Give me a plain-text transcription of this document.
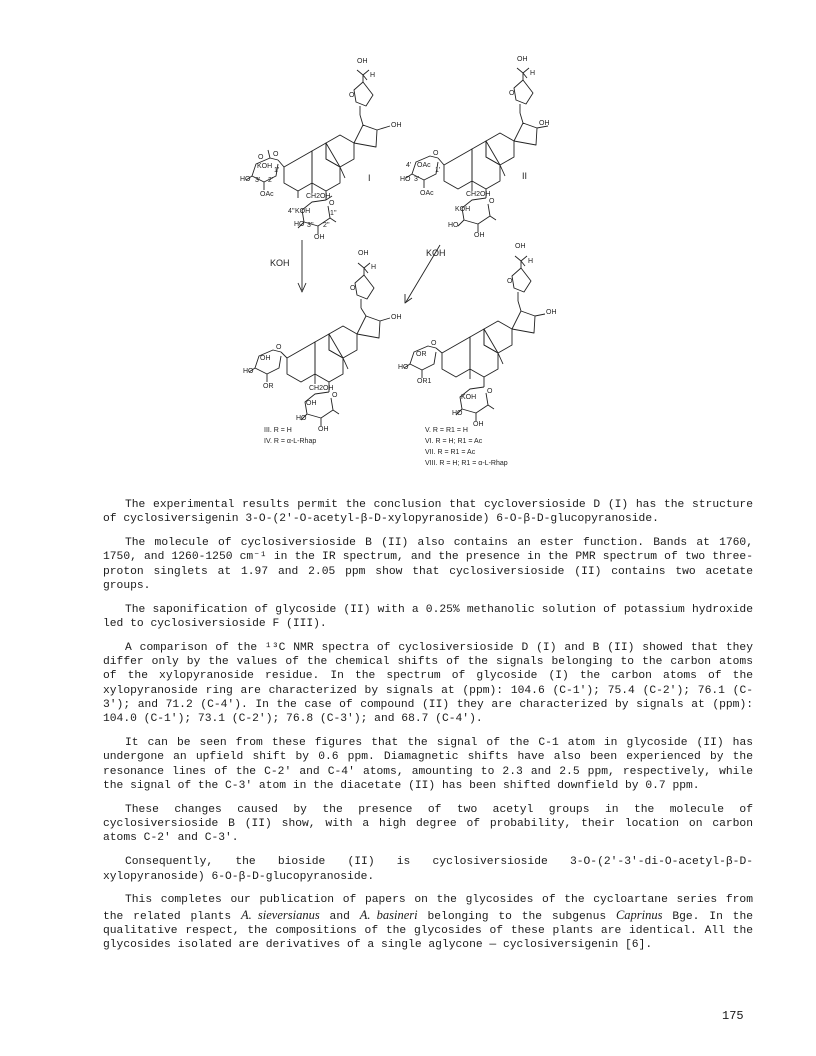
OH
H
O
OH
O
O
KOH
1'
HO 3' 2'
OAc	CH2OH
O
4'' KOH	1''
HO 3'' 2''
OH
I
OH
H
O
OH
O
4' OAc
1'
HO 3'
OAc	CH2OH
O
KOH
HO
OH
II
KOH
KOH
OH
H
O
OH
O
OH
HO
OR	CH2OH
O
OH
HO
OH
OH
H
O
OH
O
OR
HO
OR1
O
KOH
HO
OH
III. R = H
IV. R = α-L-Rhap
V. R = R1 = H
VI. R = H; R1 = Ac
VII. R = R1 = Ac
VIII. R = H; R1 = α-L-Rhap

The experimental results permit the conclusion that cycloversioside D (I) has the structure of cyclosiversigenin 3-O-(2'-O-acetyl-β-D-xylopyranoside) 6-O-β-D-glucopyranoside.

The molecule of cyclosiversioside B (II) also contains an ester function. Bands at 1760, 1750, and 1260-1250 cm⁻¹ in the IR spectrum, and the presence in the PMR spectrum of two three-proton singlets at 1.97 and 2.05 ppm show that cyclosiversioside (II) contains two acetate groups.

The saponification of glycoside (II) with a 0.25% methanolic solution of potassium hydroxide led to cyclosiversioside F (III).

A comparison of the ¹³C NMR spectra of cyclosiversioside D (I) and B (II) showed that they differ only by the values of the chemical shifts of the signals belonging to the carbon atoms of the xylopyranoside residue. In the spectrum of glycoside (I) the carbon atoms of the xylopyranoside ring are characterized by signals at (ppm): 104.6 (C-1'); 75.4 (C-2'); 76.1 (C-3'); and 71.2 (C-4'). In the case of compound (II) they are characterized by signals at (ppm): 104.0 (C-1'); 73.1 (C-2'); 76.8 (C-3'); and 68.7 (C-4').

It can be seen from these figures that the signal of the C-1 atom in glycoside (II) has undergone an upfield shift by 0.6 ppm. Diamagnetic shifts have also been experienced by the resonance lines of the C-2' and C-4' atoms, amounting to 2.3 and 2.5 ppm, respectively, while the signal of the C-3' atom in the diacetate (II) has been shifted downfield by 0.7 ppm.

These changes caused by the presence of two acetyl groups in the molecule of cyclosiversioside B (II) show, with a high degree of probability, their location on carbon atoms C-2' and C-3'.

Consequently, the bioside (II) is cyclosiversioside 3-O-(2'-3'-di-O-acetyl-β-D-xylopyranoside) 6-O-β-D-glucopyranoside.

This completes our publication of papers on the glycosides of the cycloartane series from the related plants A. sieversianus and A. basineri belonging to the subgenus Caprinus Bge. In the qualitative respect, the compositions of the glycosides of these plants are identical. All the glycosides isolated are derivatives of a single aglycone — cyclosiversigenin [6].

175
